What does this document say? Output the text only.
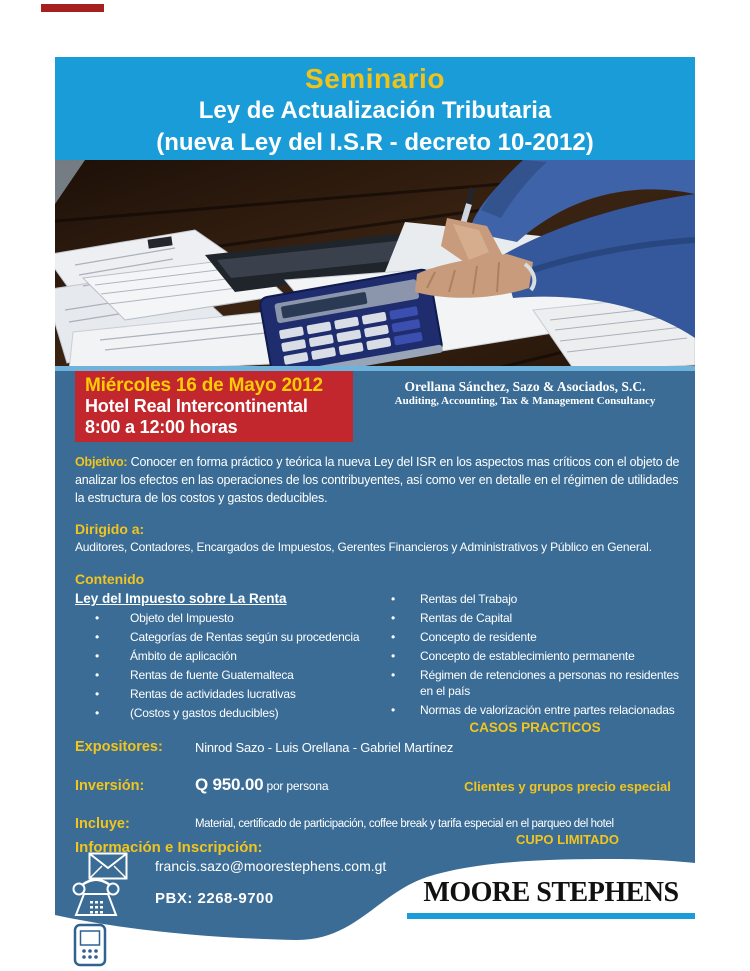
Seminario
Ley de Actualización Tributaria
(nueva Ley del I.S.R - decreto 10-2012)
Miércoles 16 de Mayo 2012
Hotel Real Intercontinental
8:00 a 12:00 horas
Orellana Sánchez, Sazo & Asociados, S.C.
Auditing, Accounting, Tax & Management Consultancy
Objetivo: Conocer en forma práctico y teórica la nueva Ley del ISR en los aspectos mas críticos con el objeto de analizar los efectos en las operaciones de los contribuyentes, así como ver en detalle en el régimen de utilidades la estructura de los costos y gastos deducibles.
Dirigido a:
Auditores, Contadores, Encargados de Impuestos, Gerentes Financieros y Administrativos y Público en General.
Contenido
Ley del Impuesto sobre La Renta
• Objeto del Impuesto
• Categorías de Rentas según su procedencia
• Ámbito de aplicación
• Rentas de fuente Guatemalteca
• Rentas de actividades lucrativas
• (Costos y gastos deducibles)
• Rentas del Trabajo
• Rentas de Capital
• Concepto de residente
• Concepto de establecimiento permanente
• Régimen de retenciones a personas no residentes en el país
• Normas de valorización entre partes relacionadas
CASOS PRACTICOS
Expositores: Ninrod Sazo - Luis Orellana - Gabriel Martínez
Inversión:	Q 950.00 por persona	Clientes y grupos precio especial
Incluye:	Material, certificado de participación, coffee break y tarifa especial en el parqueo del hotel
CUPO LIMITADO
Información e Inscripción:
francis.sazo@moorestephens.com.gt
PBX: 2268-9700	MOORE STEPHENS
